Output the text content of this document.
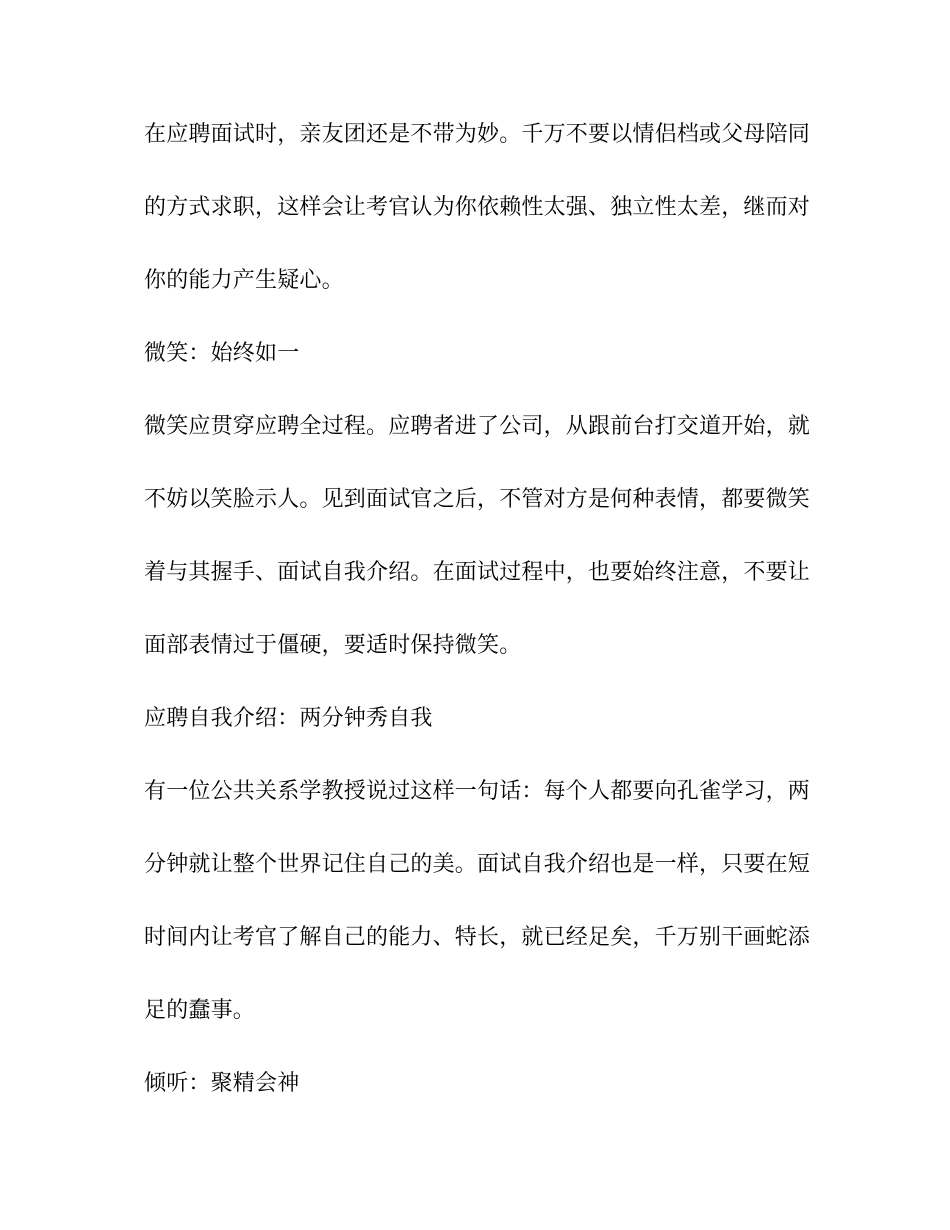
在应聘面试时，亲友团还是不带为妙。千万不要以情侣档或父母陪同
的方式求职，这样会让考官认为你依赖性太强、独立性太差，继而对
你的能力产生疑心。
微笑：始终如一
微笑应贯穿应聘全过程。应聘者进了公司，从跟前台打交道开始，就
不妨以笑脸示人。见到面试官之后，不管对方是何种表情，都要微笑
着与其握手、面试自我介绍。在面试过程中，也要始终注意，不要让
面部表情过于僵硬，要适时保持微笑。
应聘自我介绍：两分钟秀自我
有一位公共关系学教授说过这样一句话：每个人都要向孔雀学习，两
分钟就让整个世界记住自己的美。面试自我介绍也是一样，只要在短
时间内让考官了解自己的能力、特长，就已经足矣，千万别干画蛇添
足的蠢事。
倾听：聚精会神
